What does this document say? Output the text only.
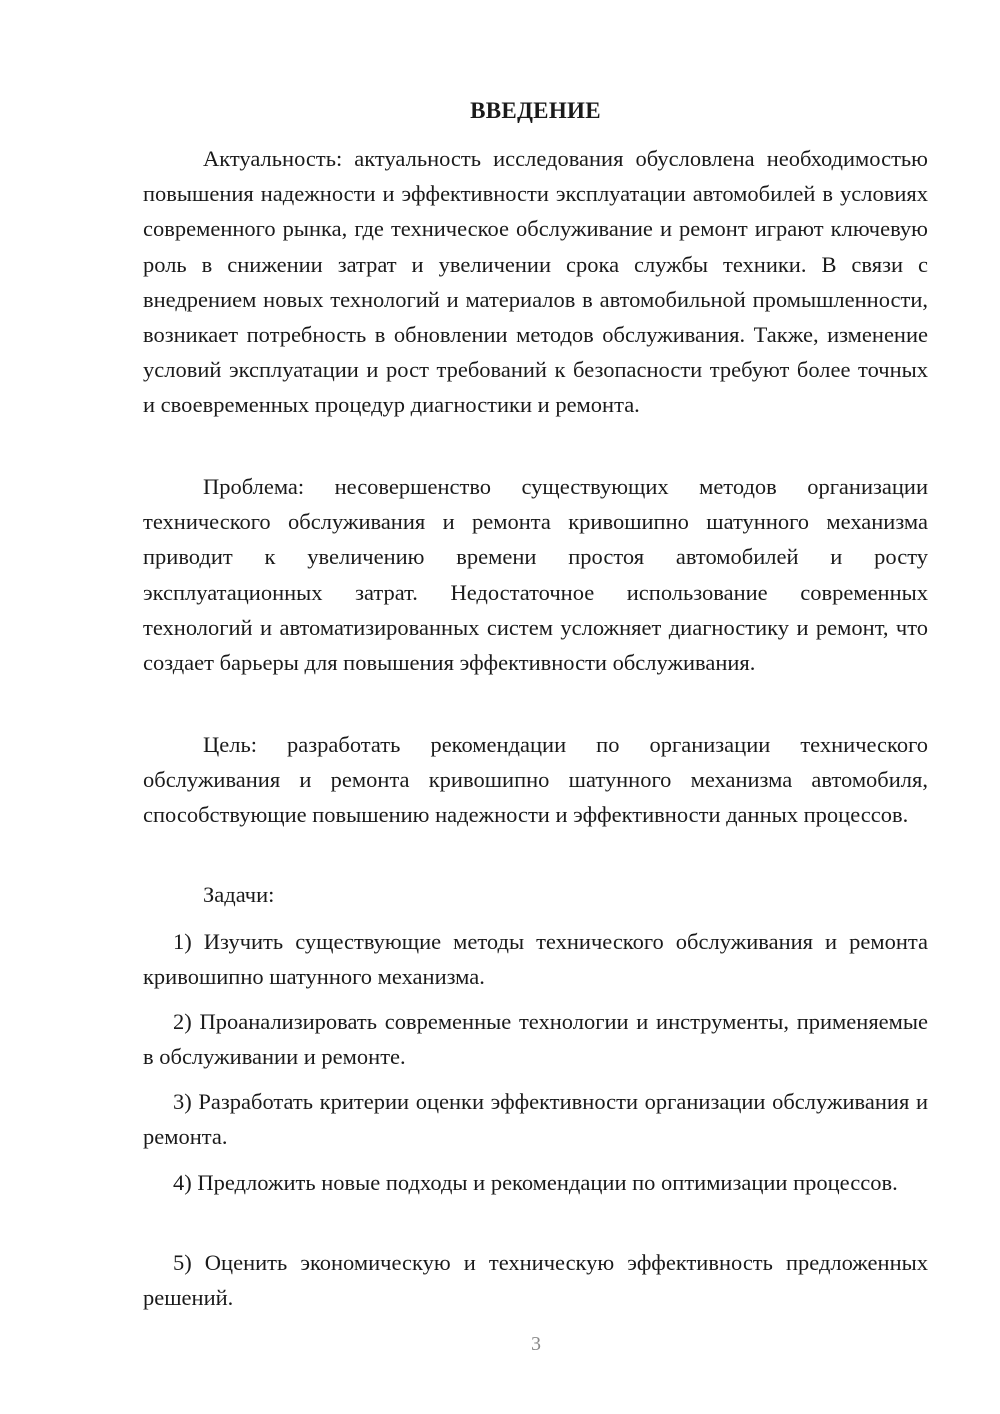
ВВЕДЕНИЕ

Актуальность: актуальность исследования обусловлена необходимостью повышения надежности и эффективности эксплуатации автомобилей в условиях современного рынка, где техническое обслуживание и ремонт играют ключевую роль в снижении затрат и увеличении срока службы техники. В связи с внедрением новых технологий и материалов в автомобильной промышленности, возникает потребность в обновлении методов обслуживания. Также, изменение условий эксплуатации и рост требований к безопасности требуют более точных и своевременных процедур диагностики и ремонта.

Проблема: несовершенство существующих методов организации технического обслуживания и ремонта кривошипно шатунного механизма приводит к увеличению времени простоя автомобилей и росту эксплуатационных затрат. Недостаточное использование современных технологий и автоматизированных систем усложняет диагностику и ремонт, что создает барьеры для повышения эффективности обслуживания.

Цель: разработать рекомендации по организации технического обслуживания и ремонта кривошипно шатунного механизма автомобиля, способствующие повышению надежности и эффективности данных процессов.

Задачи:

1) Изучить существующие методы технического обслуживания и ремонта кривошипно шатунного механизма.

2) Проанализировать современные технологии и инструменты, применяемые в обслуживании и ремонте.

3) Разработать критерии оценки эффективности организации обслуживания и ремонта.

4) Предложить новые подходы и рекомендации по оптимизации процессов.

5) Оценить экономическую и техническую эффективность предложенных решений.

3
